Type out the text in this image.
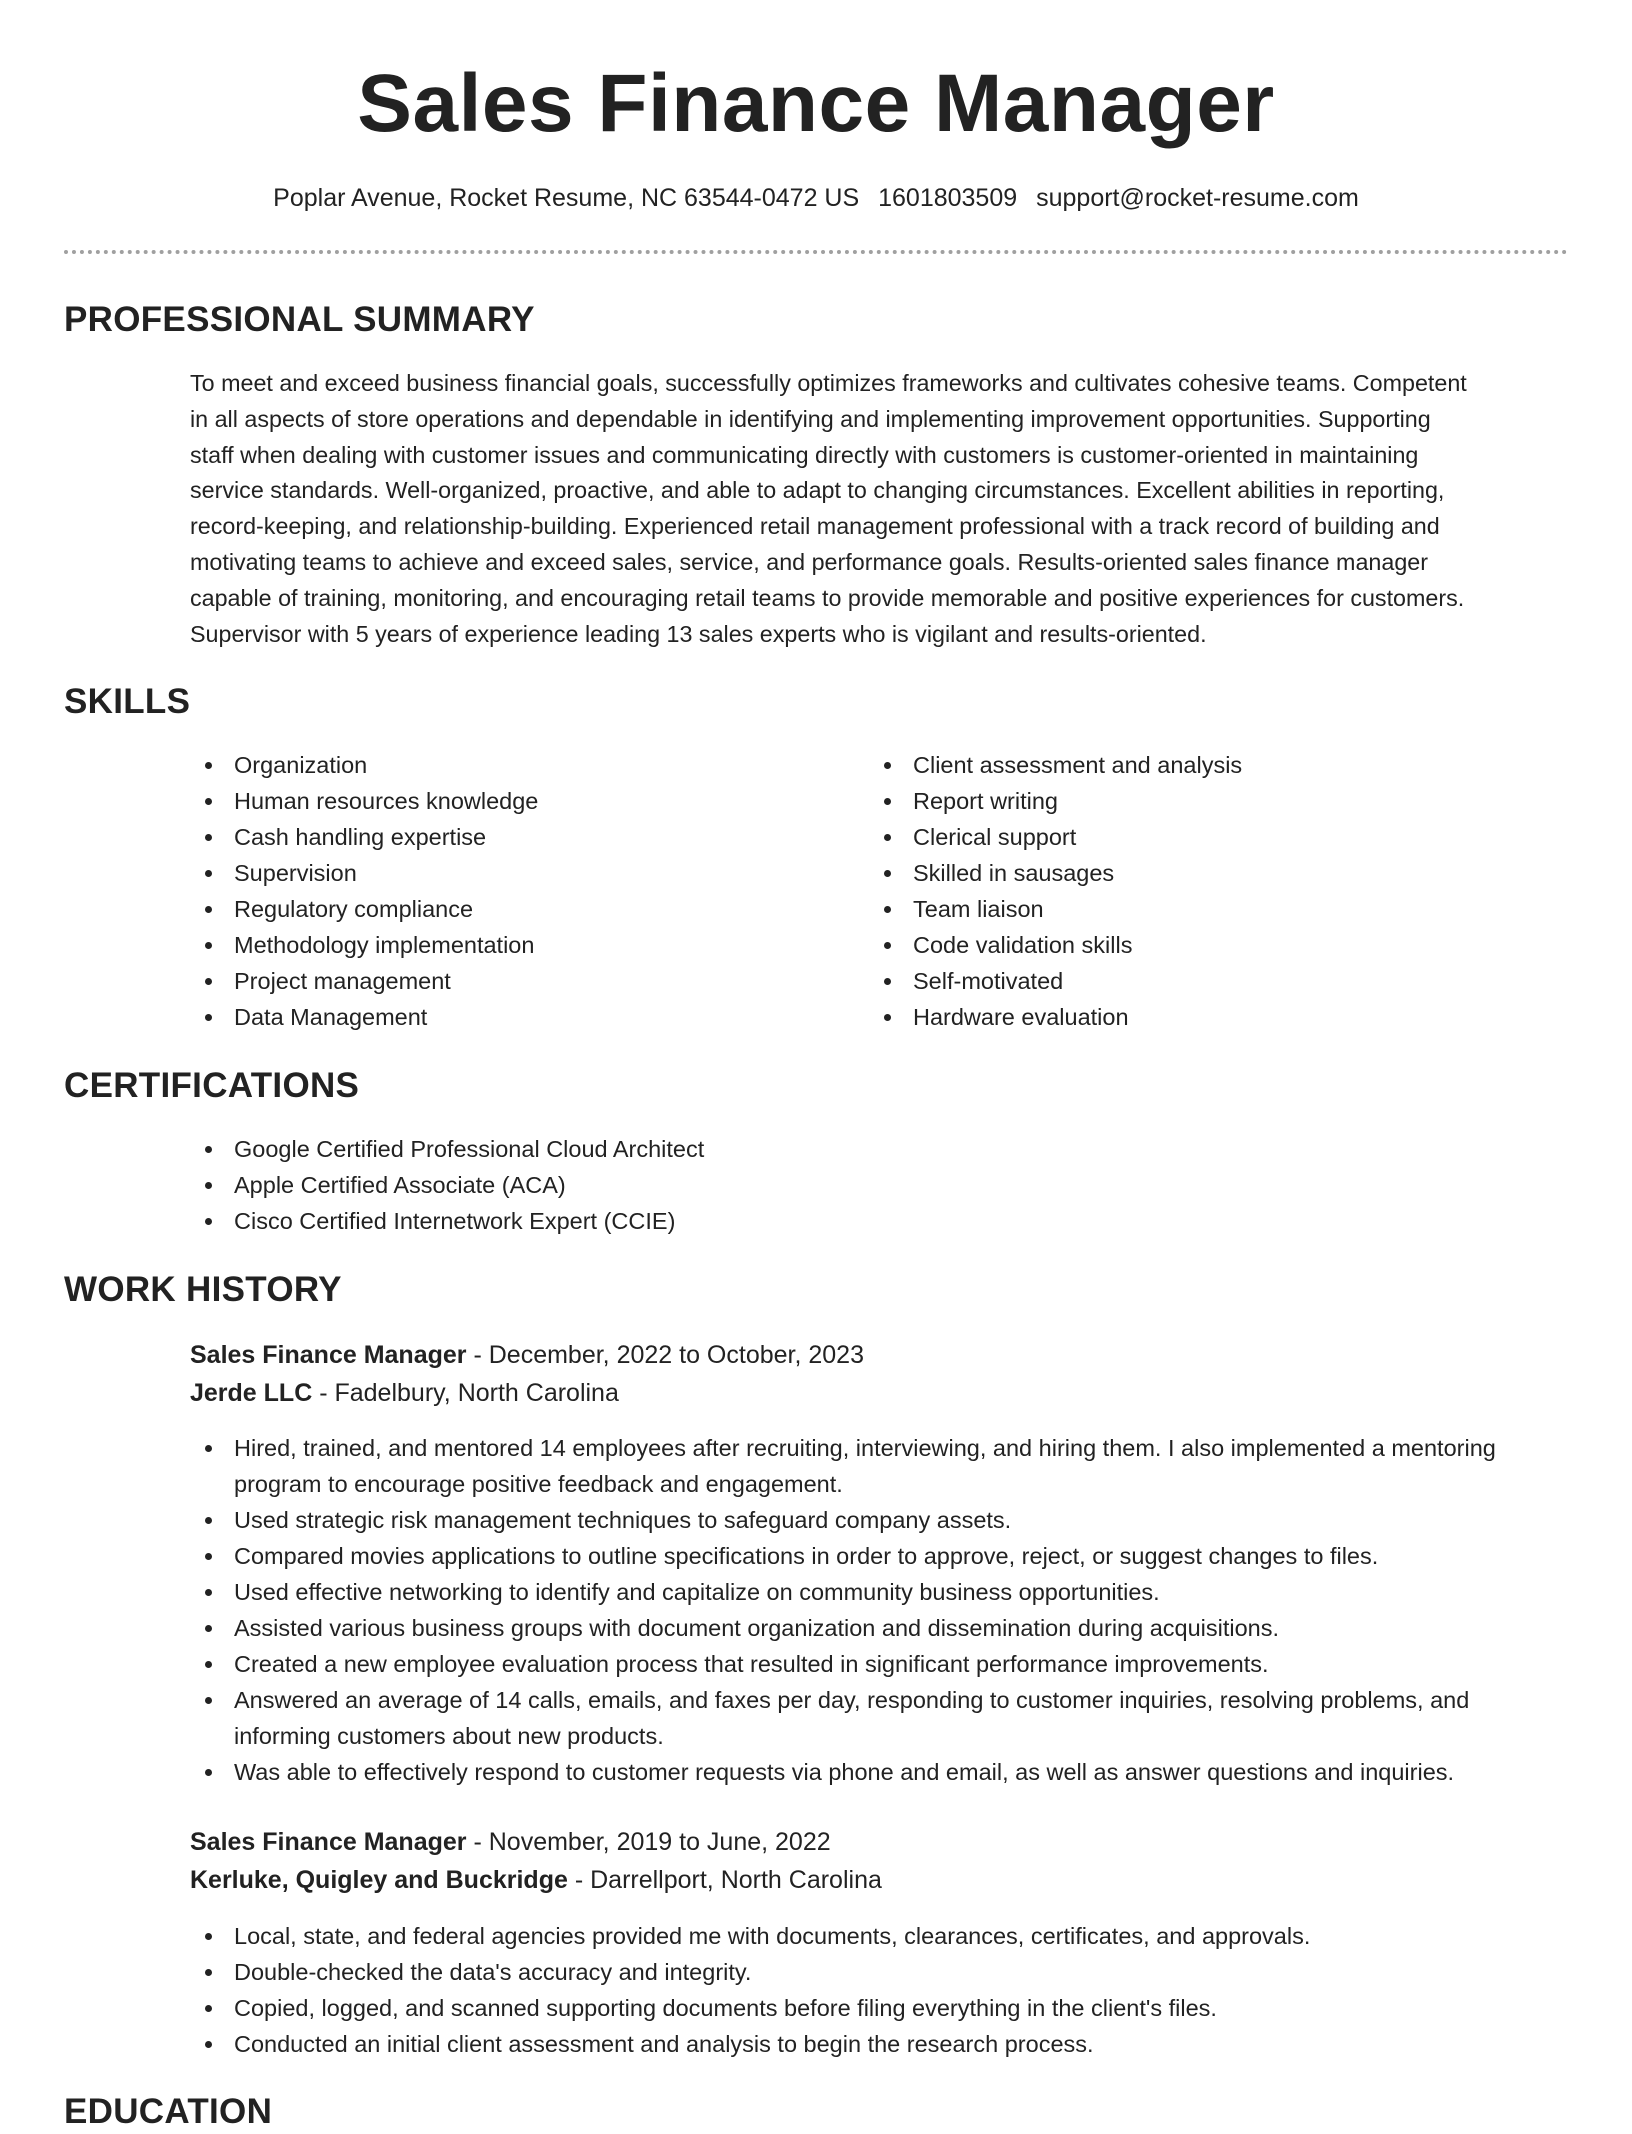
Sales Finance Manager
Poplar Avenue, Rocket Resume, NC 63544-0472 US 1601803509 support@rocket-resume.com
PROFESSIONAL SUMMARY
To meet and exceed business financial goals, successfully optimizes frameworks and cultivates cohesive teams. Competent
in all aspects of store operations and dependable in identifying and implementing improvement opportunities. Supporting
staff when dealing with customer issues and communicating directly with customers is customer-oriented in maintaining
service standards. Well-organized, proactive, and able to adapt to changing circumstances. Excellent abilities in reporting,
record-keeping, and relationship-building. Experienced retail management professional with a track record of building and
motivating teams to achieve and exceed sales, service, and performance goals. Results-oriented sales finance manager
capable of training, monitoring, and encouraging retail teams to provide memorable and positive experiences for customers.
Supervisor with 5 years of experience leading 13 sales experts who is vigilant and results-oriented.
SKILLS
Organization
Human resources knowledge
Cash handling expertise
Supervision
Regulatory compliance
Methodology implementation
Project management
Data Management
Client assessment and analysis
Report writing
Clerical support
Skilled in sausages
Team liaison
Code validation skills
Self-motivated
Hardware evaluation
CERTIFICATIONS
Google Certified Professional Cloud Architect
Apple Certified Associate (ACA)
Cisco Certified Internetwork Expert (CCIE)
WORK HISTORY
Sales Finance Manager - December, 2022 to October, 2023
Jerde LLC - Fadelbury, North Carolina
Hired, trained, and mentored 14 employees after recruiting, interviewing, and hiring them. I also implemented a mentoring
program to encourage positive feedback and engagement.
Used strategic risk management techniques to safeguard company assets.
Compared movies applications to outline specifications in order to approve, reject, or suggest changes to files.
Used effective networking to identify and capitalize on community business opportunities.
Assisted various business groups with document organization and dissemination during acquisitions.
Created a new employee evaluation process that resulted in significant performance improvements.
Answered an average of 14 calls, emails, and faxes per day, responding to customer inquiries, resolving problems, and
informing customers about new products.
Was able to effectively respond to customer requests via phone and email, as well as answer questions and inquiries.
Sales Finance Manager - November, 2019 to June, 2022
Kerluke, Quigley and Buckridge - Darrellport, North Carolina
Local, state, and federal agencies provided me with documents, clearances, certificates, and approvals.
Double-checked the data's accuracy and integrity.
Copied, logged, and scanned supporting documents before filing everything in the client's files.
Conducted an initial client assessment and analysis to begin the research process.
EDUCATION
